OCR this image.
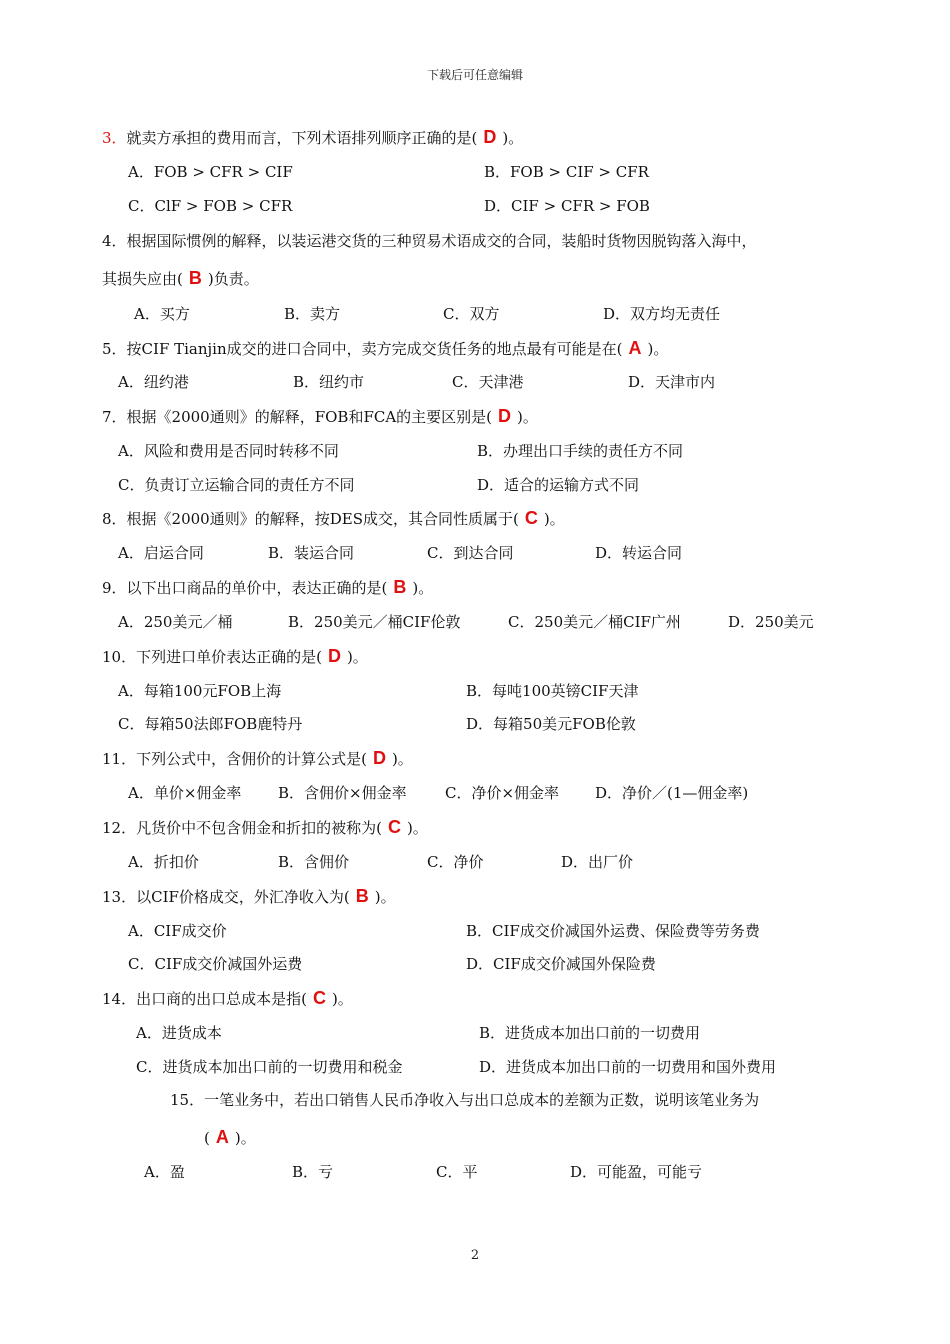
下载后可任意编辑
3．就卖方承担的费用而言，下列术语排列顺序正确的是( D )。
A．FOB > CFR > CIF	B．FOB > CIF > CFR
C．ClF > FOB > CFR	D．CIF > CFR > FOB
4．根据国际惯例的解释，以装运港交货的三种贸易术语成交的合同，装船时货物因脱钩落入海中，
其损失应由( B )负责。
A．买方	B．卖方	C．双方	D．双方均无责任
5．按CIF Tianjin成交的进口合同中，卖方完成交货任务的地点最有可能是在( A )。
A．纽约港	B．纽约市	C．天津港	D．天津市内
7．根据《2000通则》的解释，FOB和FCA的主要区别是( D )。
A．风险和费用是否同时转移不同	B．办理出口手续的责任方不同
C．负责订立运输合同的责任方不同	D．适合的运输方式不同
8．根据《2000通则》的解释，按DES成交，其合同性质属于( C )。
A．启运合同	B．装运合同	C．到达合同	D．转运合同
9．以下出口商品的单价中，表达正确的是( B )。
A．250美元／桶	B．250美元／桶CIF伦敦	C．250美元／桶CIF广州	D．250美元
10．下列进口单价表达正确的是( D )。
A．每箱100元FOB上海	B．每吨100英镑CIF天津
C．每箱50法郎FOB鹿特丹	D．每箱50美元FOB伦敦
11．下列公式中，含佣价的计算公式是( D )。
A．单价×佣金率 B．含佣价×佣金率	C．净价×佣金率 D．净价／(1—佣金率)
12．凡货价中不包含佣金和折扣的被称为( C )。
A．折扣价	B．含佣价	C．净价	D．出厂价
13．以CIF价格成交，外汇净收入为( B )。
A．CIF成交价	B．CIF成交价减国外运费、保险费等劳务费
C．CIF成交价减国外运费	D．CIF成交价减国外保险费
14．出口商的出口总成本是指( C )。
A．进货成本	B．进货成本加出口前的一切费用
C．进货成本加出口前的一切费用和税金	D．进货成本加出口前的一切费用和国外费用
15．一笔业务中，若出口销售人民币净收入与出口总成本的差额为正数，说明该笔业务为
( A )。
A．盈	B．亏	C．平	D．可能盈，可能亏
2
